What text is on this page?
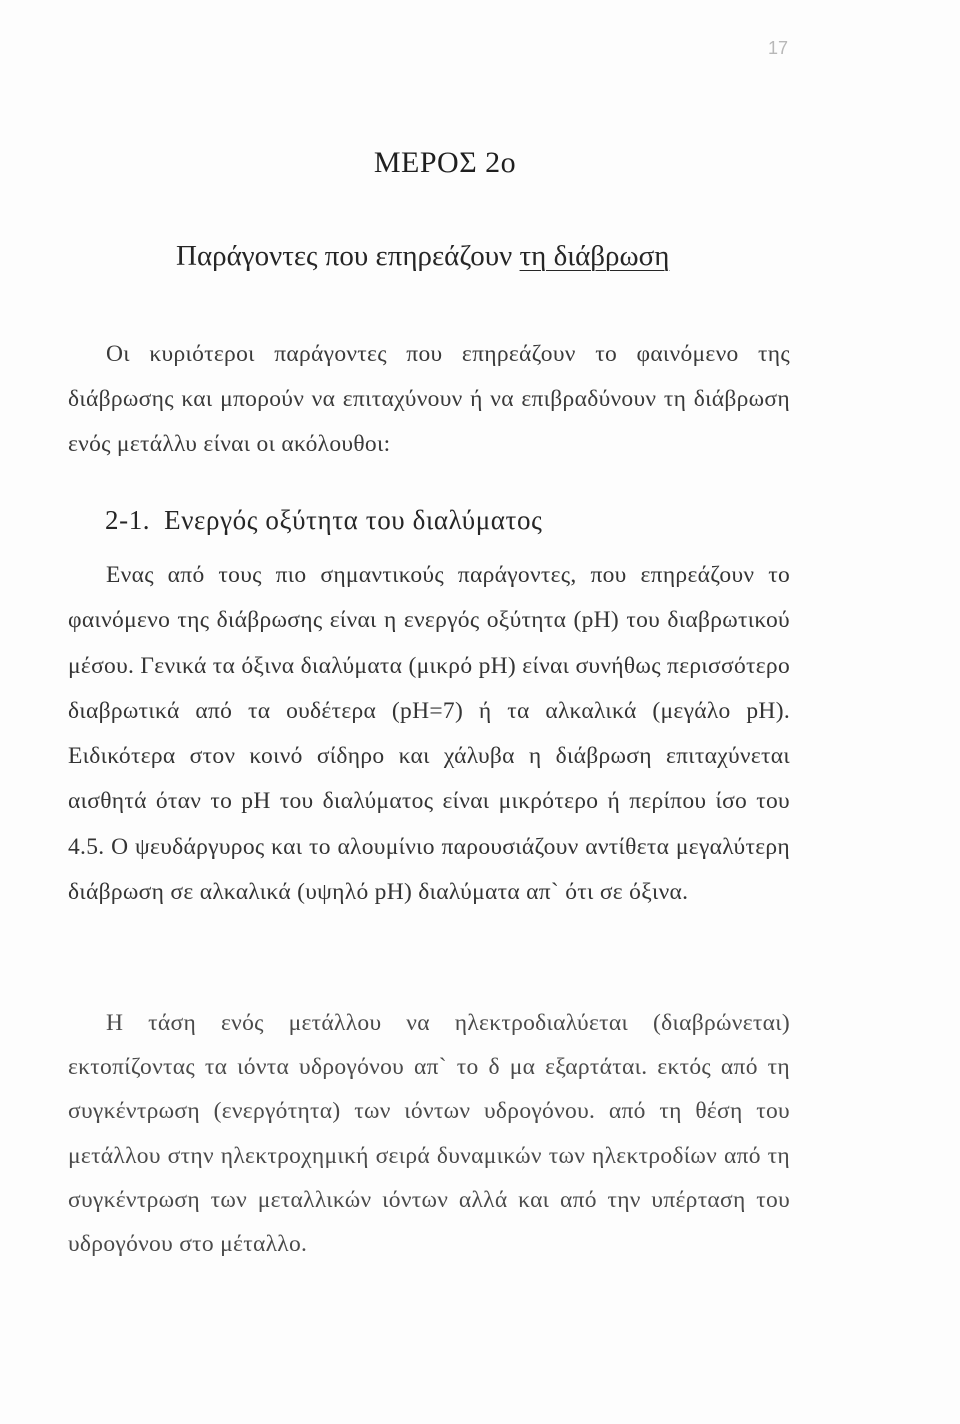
17
ΜΕΡΟΣ 2ο
Παράγοντες που επηρεάζουν τη διάβρωση

Οι κυριότεροι παράγοντες που επηρεάζουν το φαινόμενο της διάβρωσης και μπορούν να επιταχύνουν ή να επιβραδύνουν τη διάβρωση ενός μετάλλυ είναι οι ακόλουθοι:

2-1. Ενεργός οξύτητα του διαλύματος

Ενας από τους πιο σημαντικούς παράγοντες, που επηρεάζουν το φαινόμενο της διάβρωσης είναι η ενεργός οξύτητα (pH) του διαβρωτικού μέσου. Γενικά τα όξινα διαλύματα (μικρό pH) είναι συνήθως περισσότερο διαβρωτικά από τα ουδέτερα (pH=7) ή τα αλκαλικά (μεγάλο pH). Ειδικότερα στον κοινό σίδηρο και χάλυβα η διάβρωση επιταχύνεται αισθητά όταν το pH του διαλύματος είναι μικρότερο ή περίπου ίσο του 4.5. Ο ψευδάργυρος και το αλουμίνιο παρουσιάζουν αντίθετα μεγαλύτερη διάβρωση σε αλκαλικά (υψηλό pH) διαλύματα απ` ότι σε όξινα.

Η τάση ενός μετάλλου να ηλεκτροδιαλύεται (διαβρώνεται) εκτοπίζοντας τα ιόντα υδρογόνου απ` το δ μα εξαρτάται. εκτός από τη συγκέντρωση (ενεργότητα) των ιόντων υδρογόνου. από τη θέση του μετάλλου στην ηλεκτροχημική σειρά δυναμικών των ηλεκτροδίων από τη συγκέντρωση των μεταλλικών ιόντων αλλά και από την υπέρταση του υδρογόνου στο μέταλλο.
